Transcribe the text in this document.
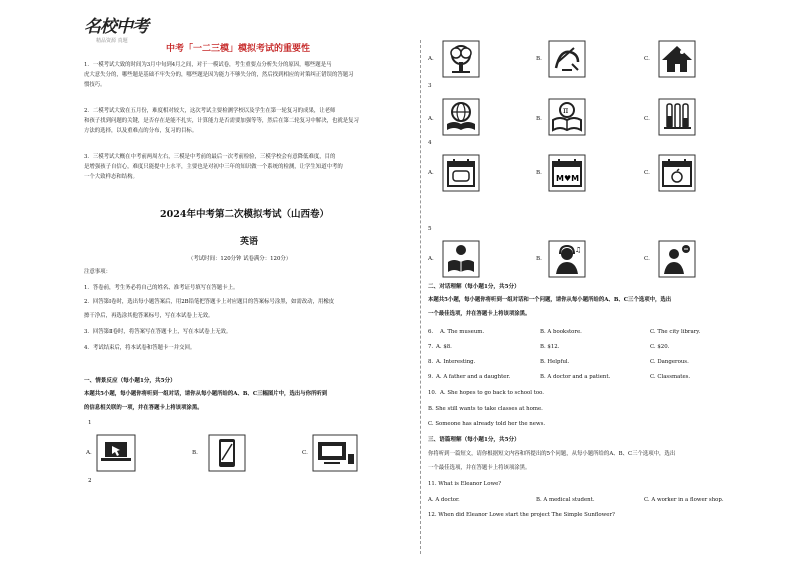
名校中考
精品资源 真题
中考「一二三模」模拟考试的重要性
1．一模考试大致的时间为3月中旬到4月之间，对于一模试卷，考生重要点分析失分的原因，哪些题是马
虎大意失分的，哪些题是基础不牢失分的，哪些题是因为能力不够失分的，然后找到相应的对策纠正错误的答题习
惯技巧。
2．二模考试大致在五月份，难度相对较大，这次考试主要检测学校以及学生在第一轮复习的成果，让老师
和孩子找到问题的关键，是否存在是能不扎实，计算能力是否需要加强等等，然后在第二轮复习中解决，也就是复习
方法的选择，以及重难点的分布，复习的目标。
3．三模考试大概在中考前两周左右，三模是中考前的最后一次考前检验，三模学校会有意降低难度，目的
是增强孩子自信心，难度只能提中上水平，主要也是对初中三年的知识做一个系统的检测，让学生知道中考的
一个大致样态和结构。
2024年中考第二次模拟考试（山西卷）
英语
（考试时间：120分钟 试卷满分：120分）
注意事项：
1．答卷前，考生务必将自己的姓名、准考证号填写在答题卡上。
2．回答第Ⅰ卷时，选出每小题答案后，用2B铅笔把答题卡上对应题目的答案标号涂黑，如需改动，用橡皮
擦干净后，再选涂其他答案标号，写在本试卷上无效。
3．回答第Ⅱ卷时，将答案写在答题卡上，写在本试卷上无效。
4．考试结束后，将本试卷和答题卡一并交回。
一、情景反应（每小题1分，共5分）
本题共5小题，每小题你将听到一组对话，请你从每小题所给的A、B、C三幅图片中，选出与你所听到
的信息相关联的一项，并在答题卡上将该项涂黑。
1
A.	B.	C.
2
A.	B.	C.
3
A.	B.	C.
π
4
A.	B.	C.
M♥M
5
A.	B.	C.
♫
二、对话理解（每小题1分，共5分）
本题共5小题，每小题你将听到一组对话和一个问题，请你从每小题所给的A、B、C三个选项中，选出
一个最佳选项，并在答题卡上将该项涂黑。
6. A. The museum.	B. A bookstore.	C. The city library.
7. A. $8.	B. $12.	C. $20.
8. A. Interesting.	B. Helpful.	C. Dangerous.
9. A. A father and a daughter.	B. A doctor and a patient.	C. Classmates.
10. A. She hopes to go back to school too.
B. She still wants to take classes at home.
C. Someone has already told her the news.
三、语篇理解（每小题1分，共5分）
你将听到一篇短文，请你根据短文内容和所提出的5个问题，从每小题所给的A、B、C三个选项中，选出
一个最佳选项，并在答题卡上将该项涂黑。
11. What is Eleanor Lowe?
A. A doctor.	B. A medical student.	C. A worker in a flower shop.
12. When did Eleanor Lowe start the project The Simple Sunflower?
